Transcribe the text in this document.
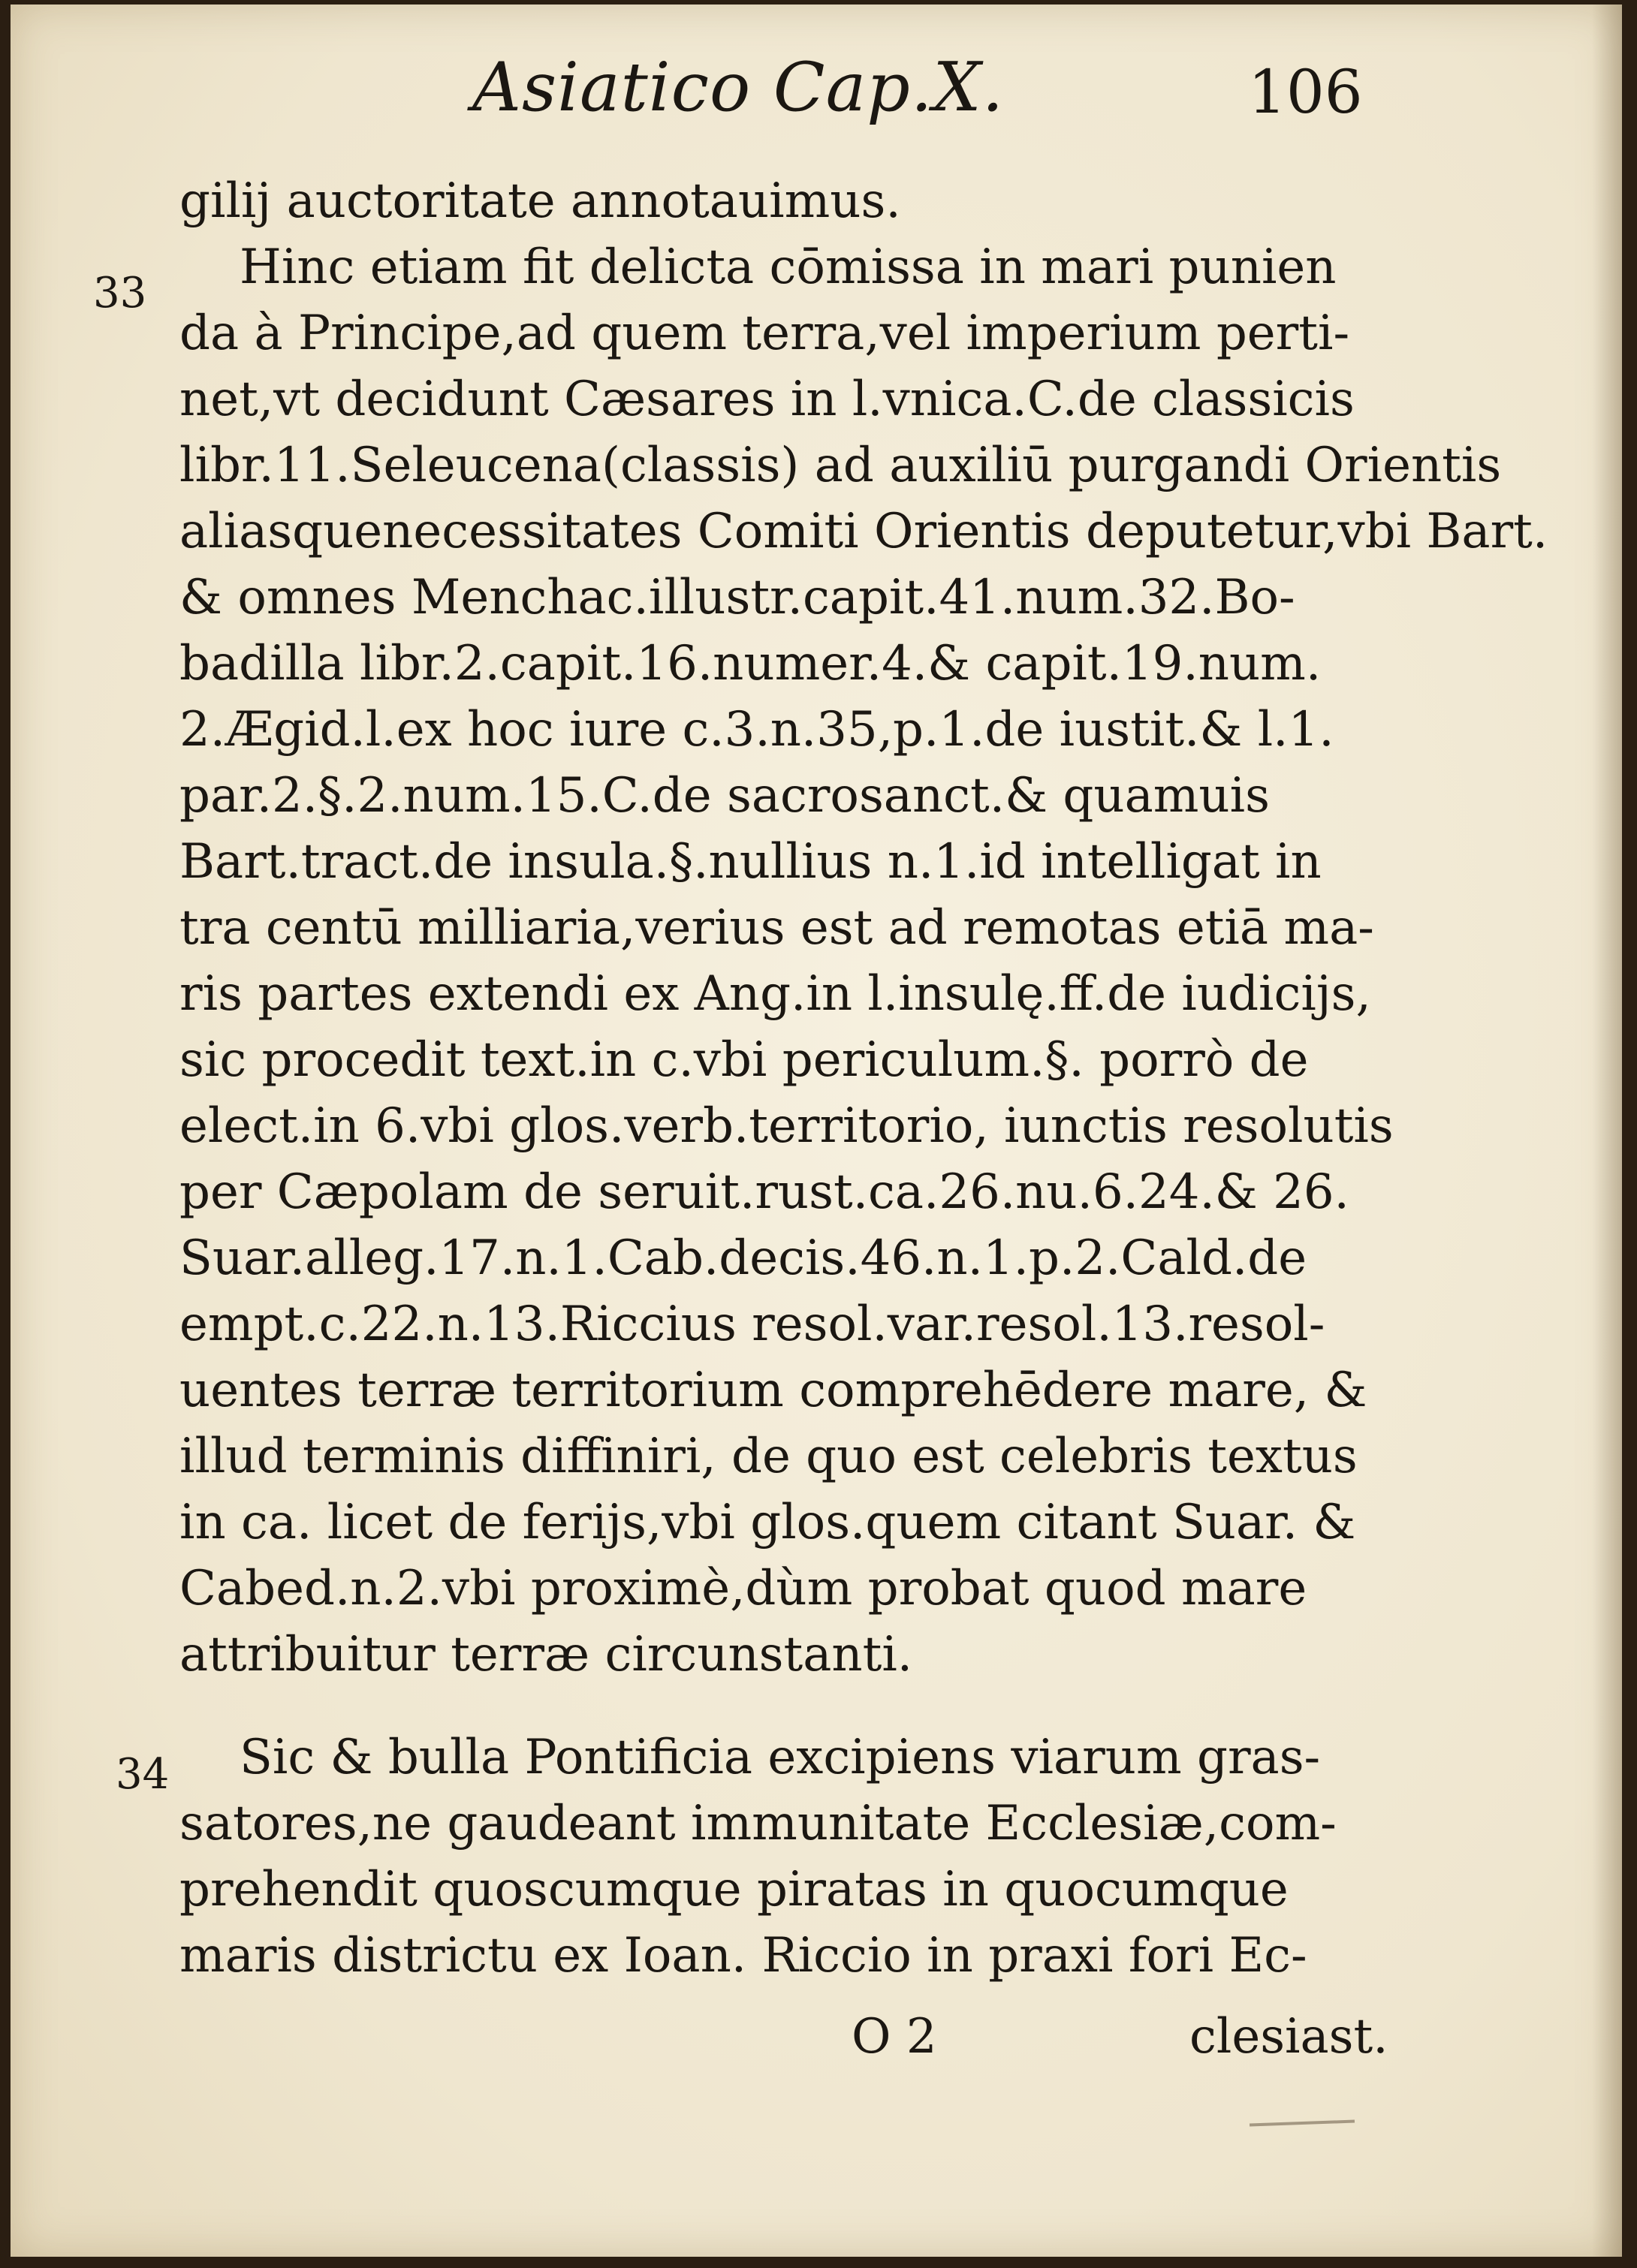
Asiatico Cap.X.	106
33
34
gilij auctoritate annotauimus.
Hinc etiam fit delicta cōmissa in mari punien
da à Principe,ad quem terra,vel imperium perti-
net,vt decidunt Cæsares in l.vnica.C.de classicis
libr.11.Seleucena(classis) ad auxiliū purgandi Orientis
aliasquenecessitates Comiti Orientis deputetur,vbi Bart.
& omnes Menchac.illustr.capit.41.num.32.Bo-
badilla libr.2.capit.16.numer.4.& capit.19.num.
2.Ægid.l.ex hoc iure c.3.n.35,p.1.de iustit.& l.1.
par.2.§.2.num.15.C.de sacrosanct.& quamuis
Bart.tract.de insula.§.nullius n.1.id intelligat in
tra centū milliaria,verius est ad remotas etiā ma-
ris partes extendi ex Ang.in l.insulę.ff.de iudicijs,
sic procedit text.in c.vbi periculum.§. porrò de
elect.in 6.vbi glos.verb.territorio, iunctis resolutis
per Cæpolam de seruit.rust.ca.26.nu.6.24.& 26.
Suar.alleg.17.n.1.Cab.decis.46.n.1.p.2.Cald.de
empt.c.22.n.13.Riccius resol.var.resol.13.resol-
uentes terræ territorium comprehēdere mare, &
illud terminis diffiniri, de quo est celebris textus
in ca. licet de ferijs,vbi glos.quem citant Suar. &
Cabed.n.2.vbi proximè,dùm probat quod mare
attribuitur terræ circunstanti.
Sic & bulla Pontificia excipiens viarum gras-
satores,ne gaudeant immunitate Ecclesiæ,com-
prehendit quoscumque piratas in quocumque
maris districtu ex Ioan. Riccio in praxi fori Ec-
O 2	clesiast.
